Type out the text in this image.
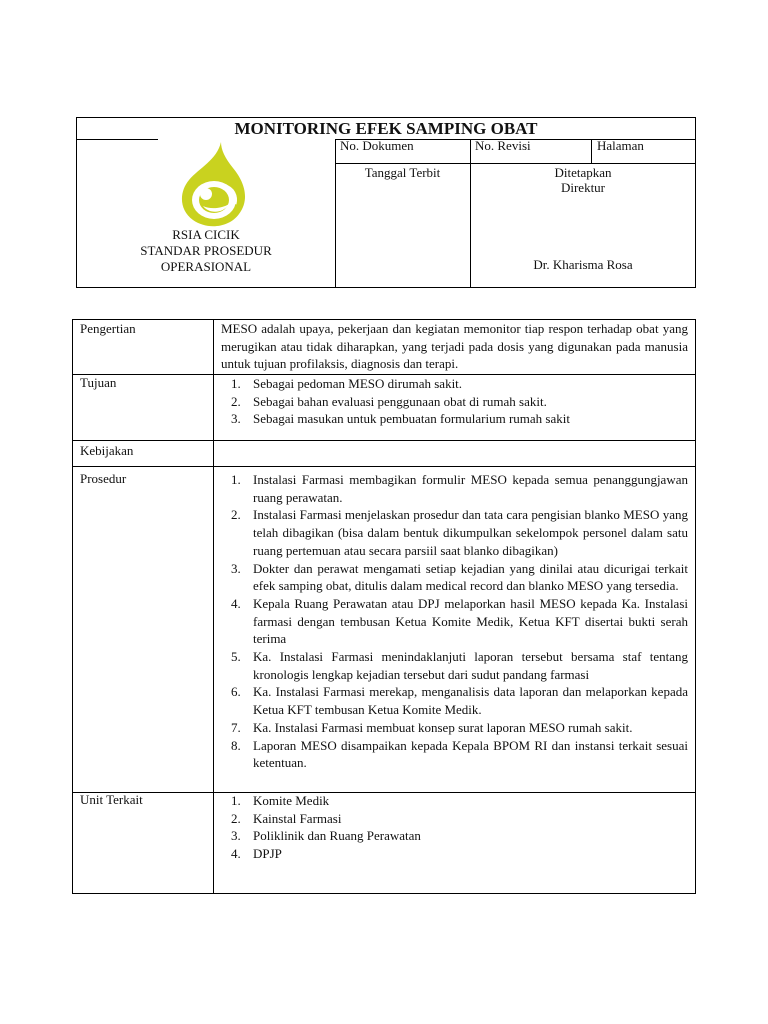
MONITORING EFEK SAMPING OBAT
No. Dokumen	No. Revisi	Halaman
Tanggal Terbit	Ditetapkan
Direktur
Dr. Kharisma Rosa
RSIA CICIK
STANDAR PROSEDUR
OPERASIONAL
Pengertian	MESO adalah upaya, pekerjaan dan kegiatan memonitor tiap respon terhadap obat yang merugikan atau tidak diharapkan, yang terjadi pada dosis yang digunakan pada manusia untuk tujuan profilaksis, diagnosis dan terapi.
Tujuan	1. Sebagai pedoman MESO dirumah sakit.
2. Sebagai bahan evaluasi penggunaan obat di rumah sakit.
3. Sebagai masukan untuk pembuatan formularium rumah sakit
Kebijakan
Prosedur	1. Instalasi Farmasi membagikan formulir MESO kepada semua penanggungjawan ruang perawatan.
2. Instalasi Farmasi menjelaskan prosedur dan tata cara pengisian blanko MESO yang telah dibagikan (bisa dalam bentuk dikumpulkan sekelompok personel dalam satu ruang pertemuan atau secara parsiil saat blanko dibagikan)
3. Dokter dan perawat mengamati setiap kejadian yang dinilai atau dicurigai terkait efek samping obat, ditulis dalam medical record dan blanko MESO yang tersedia.
4. Kepala Ruang Perawatan atau DPJ melaporkan hasil MESO kepada Ka. Instalasi farmasi dengan tembusan Ketua Komite Medik, Ketua KFT disertai bukti serah terima
5. Ka. Instalasi Farmasi menindaklanjuti laporan tersebut bersama staf tentang kronologis lengkap kejadian tersebut dari sudut pandang farmasi
6. Ka. Instalasi Farmasi merekap, menganalisis data laporan dan melaporkan kepada Ketua KFT tembusan Ketua Komite Medik.
7. Ka. Instalasi Farmasi membuat konsep surat laporan MESO rumah sakit.
8. Laporan MESO disampaikan kepada Kepala BPOM RI dan instansi terkait sesuai ketentuan.
Unit Terkait	1. Komite Medik
2. Kainstal Farmasi
3. Poliklinik dan Ruang Perawatan
4. DPJP
